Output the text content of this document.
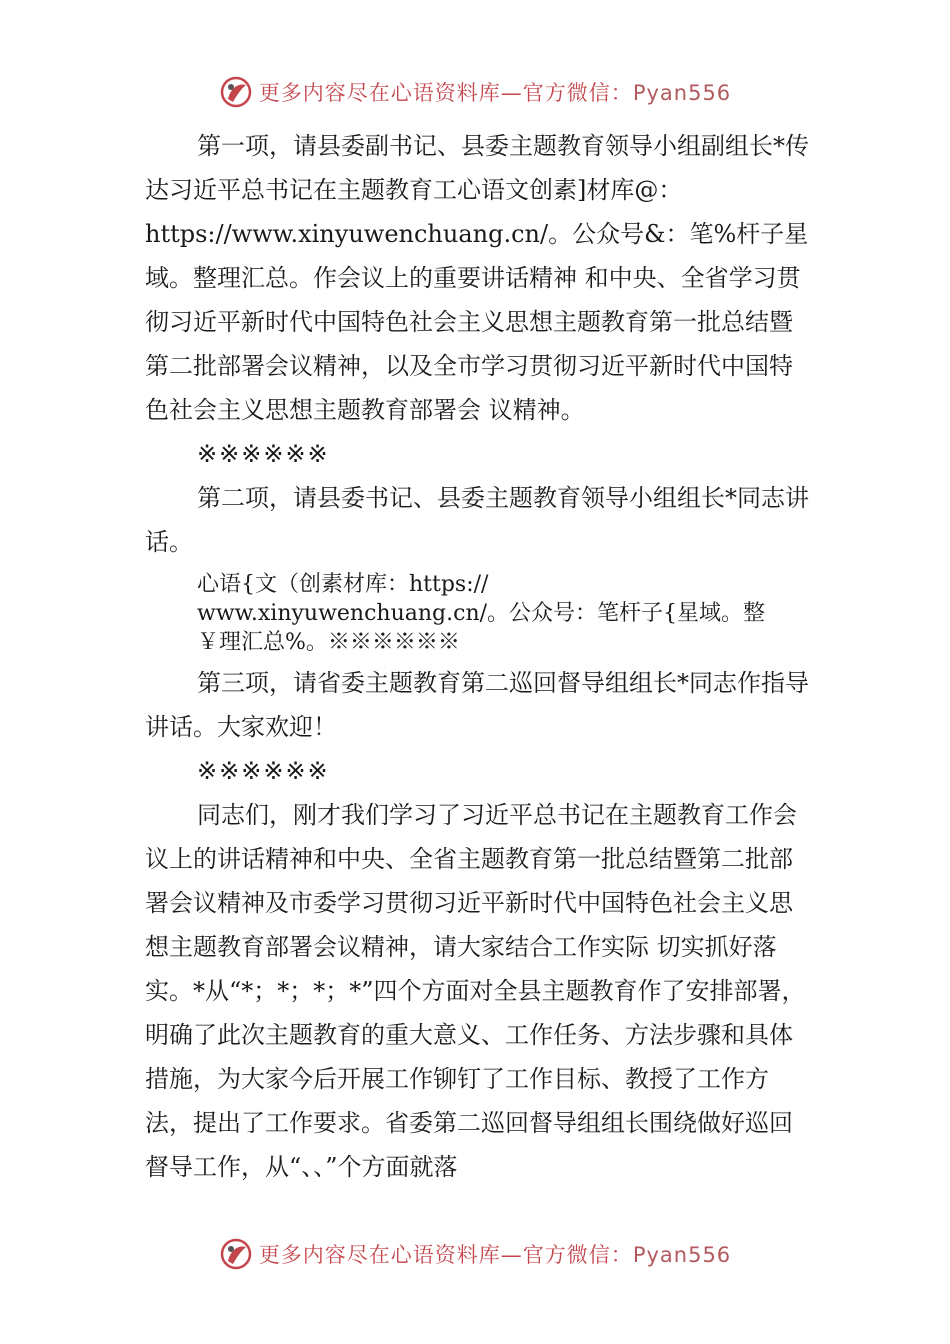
更多内容尽在心语资料库—官方微信：Pyan556

第一项，请县委副书记、县委主题教育领导小组副组长*传达习近平总书记在主题教育工心语文创素]材库@：https://www.xinyuwenchuang.cn/。公众号&：笔%杆子星域。整理汇总。作会议上的重要讲话精神 和中央、全省学习贯彻习近平新时代中国特色社会主义思想主题教育第一批总结暨第二批部署会议精神，以及全市学习贯彻习近平新时代中国特色社会主义思想主题教育部署会 议精神。

※※※※※※

第二项，请县委书记、县委主题教育领导小组组长*同志讲话。

心语{文（创素材库：https://
www.xinyuwenchuang.cn/。公众号：笔杆子{星域。整
￥理汇总%。※※※※※※

第三项，请省委主题教育第二巡回督导组组长*同志作指导讲话。大家欢迎！

※※※※※※

同志们，刚才我们学习了习近平总书记在主题教育工作会议上的讲话精神和中央、全省主题教育第一批总结暨第二批部署会议精神及市委学习贯彻习近平新时代中国特色社会主义思想主题教育部署会议精神，请大家结合工作实际 切实抓好落实。*从“*；*；*；*”四个方面对全县主题教育作了安排部署，明确了此次主题教育的重大意义、工作任务、方法步骤和具体措施，为大家今后开展工作铆钉了工作目标、教授了工作方法，提出了工作要求。省委第二巡回督导组组长围绕做好巡回督导工作，从“、、”个方面就落

更多内容尽在心语资料库—官方微信：Pyan556
